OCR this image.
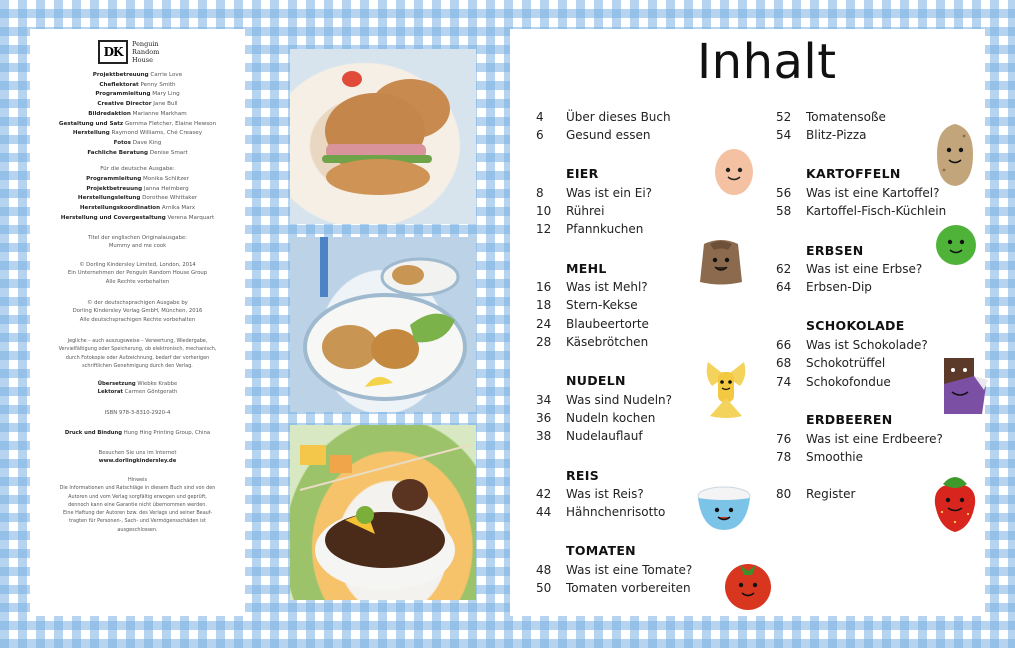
DK
Penguin
Random
House
Projektbetreuung Carrie Love
Cheflektorat Penny Smith
Programmleitung Mary Ling
Creative Director Jane Bull
Bildredaktion Marianne Markham
Gestaltung und Satz Gemma Fletcher, Elaine Hewson
Herstellung Raymond Williams, Ché Creasey
Fotos Dave King
Fachliche Beratung Denise Smart
Für die deutsche Ausgabe:
Programmleitung Monika Schlitzer
Projektbetreuung Janna Heimberg
Herstellungsleitung Dorothee Whittaker
Herstellungskoordination Arnika Marx
Herstellung und Covergestaltung Verena Marquart
Titel der englischen Originalausgabe:
Mummy and me cook
© Dorling Kindersley Limited, London, 2014
Ein Unternehmen der Penguin Random House Group
Alle Rechte vorbehalten
© der deutschsprachigen Ausgabe by
Dorling Kindersley Verlag GmbH, München, 2016
Alle deutschsprachigen Rechte vorbehalten
Jegliche – auch auszugsweise – Verwertung, Wiedergabe,
Vervielfältigung oder Speicherung, ob elektronisch, mechanisch,
durch Fotokopie oder Aufzeichnung, bedarf der vorherigen
schriftlichen Genehmigung durch den Verlag.
Übersetzung Wiebke Krabbe
Lektorat Carmen Göntgerath
ISBN 978-3-8310-2920-4
Druck und Bindung Hung Hing Printing Group, China
Besuchen Sie uns im Internet
www.dorlingkindersley.de
Hinweis
Die Informationen und Ratschläge in diesem Buch sind von den
Autoren und vom Verlag sorgfältig erwogen und geprüft,
dennoch kann eine Garantie nicht übernommen werden.
Eine Haftung der Autoren bzw. des Verlags und seiner Beauf-
tragten für Personen-, Sach- und Vermögensschäden ist
ausgeschlossen.
Inhalt
4	Über dieses Buch
6	Gesund essen
EIER
8	Was ist ein Ei?
10	Rührei
12	Pfannkuchen
MEHL
16	Was ist Mehl?
18	Stern-Kekse
24	Blaubeertorte
28	Käsebrötchen
NUDELN
34	Was sind Nudeln?
36	Nudeln kochen
38	Nudelauflauf
REIS
42	Was ist Reis?
44	Hähnchenrisotto
TOMATEN
48	Was ist eine Tomate?
50	Tomaten vorbereiten
52	Tomatensoße
54	Blitz-Pizza
KARTOFFELN
56	Was ist eine Kartoffel?
58	Kartoffel-Fisch-Küchlein
ERBSEN
62	Was ist eine Erbse?
64	Erbsen-Dip
SCHOKOLADE
66	Was ist Schokolade?
68	Schokotrüffel
74	Schokofondue
ERDBEEREN
76	Was ist eine Erdbeere?
78	Smoothie
80	Register
